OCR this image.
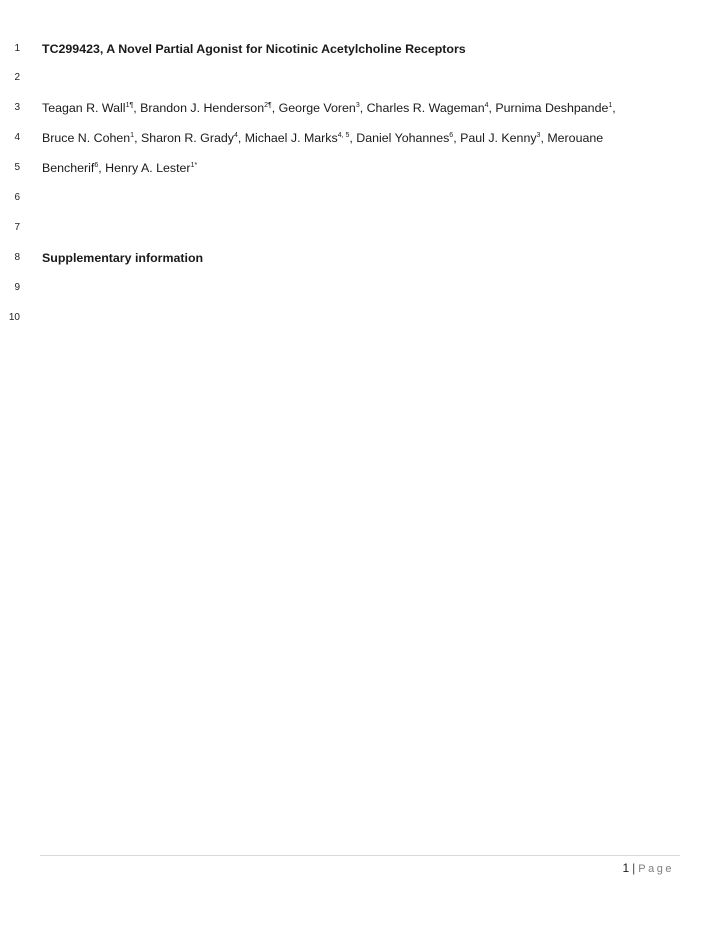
1 TC299423, A Novel Partial Agonist for Nicotinic Acetylcholine Receptors
2
3 Teagan R. Wall$^{1\P}$, Brandon J. Henderson$^{2\P}$, George Voren$^3$, Charles R. Wageman$^4$, Purnima Deshpande$^1$,
4 Bruce N. Cohen$^1$, Sharon R. Grady$^4$, Michael J. Marks$^{4, 5}$, Daniel Yohannes$^6$, Paul J. Kenny$^3$, Merouane
5 Bencherif$^6$, Henry A. Lester$^{1*}$
6
7
8 Supplementary information
9
10
1 | Page
